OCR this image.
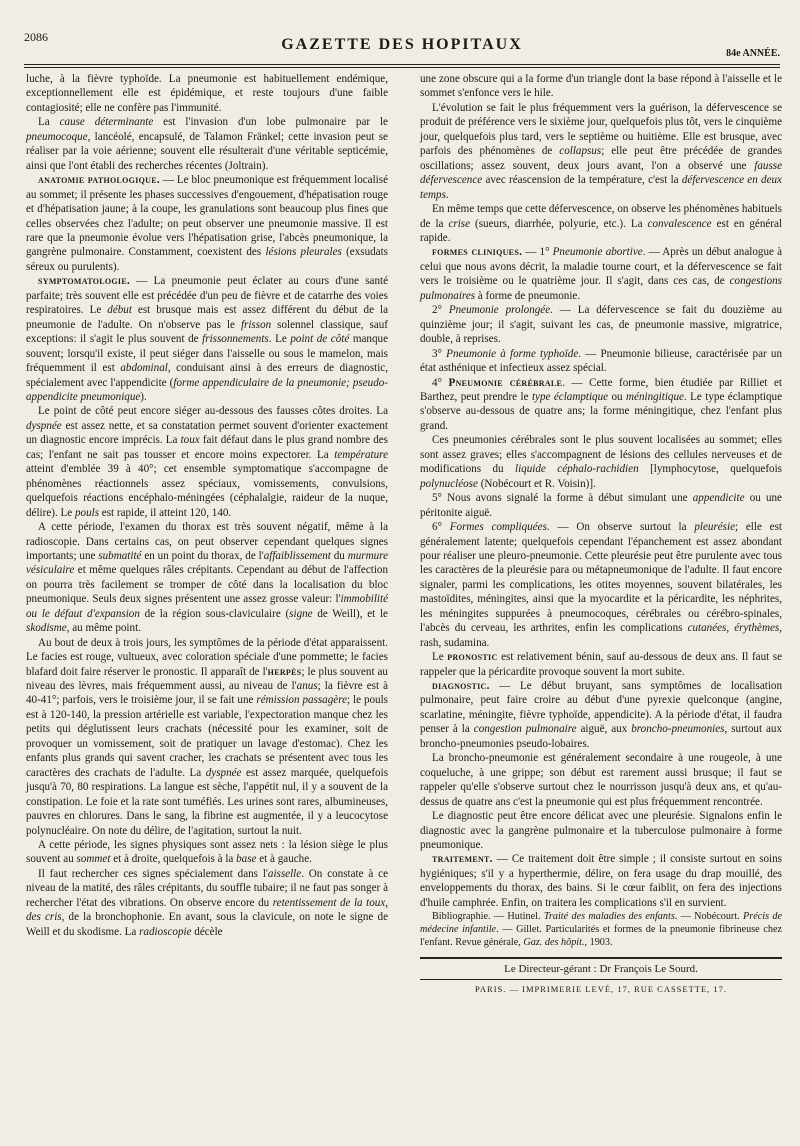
2086	GAZETTE DES HOPITAUX
84e ANNÉE.

luche, à la fièvre typhoïde. La pneumonie est habituellement endémique, exceptionnellement elle est épidémique, et reste toujours d'une faible contagiosité; elle ne confère pas l'immunité.

La cause déterminante est l'invasion d'un lobe pulmonaire par le pneumocoque, lancéolé, encapsulé, de Talamon Fränkel; cette invasion peut se réaliser par la voie aérienne; souvent elle résulterait d'une véritable septicémie, ainsi que l'ont établi des recherches récentes (Joltrain).

anatomie pathologique. — Le bloc pneumonique est fréquemment localisé au sommet; il présente les phases successives d'engouement, d'hépatisation rouge et d'hépatisation jaune; à la coupe, les granulations sont beaucoup plus fines que celles observées chez l'adulte; on peut observer une pneumonie massive. Il est rare que la pneumonie évolue vers l'hépatisation grise, l'abcès pneumonique, la gangrène pulmonaire. Constamment, coexistent des lésions pleurales (exsudats séreux ou purulents).

symptomatologie. — La pneumonie peut éclater au cours d'une santé parfaite; très souvent elle est précédée d'un peu de fièvre et de catarrhe des voies respiratoires. Le début est brusque mais est assez différent du début de la pneumonie de l'adulte. On n'observe pas le frisson solennel classique, sauf exceptions: il s'agit le plus souvent de frissonnements. Le point de côté manque souvent; lorsqu'il existe, il peut siéger dans l'aisselle ou sous le mamelon, mais fréquemment il est abdominal, conduisant ainsi à des erreurs de diagnostic, spécialement avec l'appendicite (forme appendiculaire de la pneumonie; pseudo-appendicite pneumonique).

Le point de côté peut encore siéger au-dessous des fausses côtes droites. La dyspnée est assez nette, et sa constatation permet souvent d'orienter exactement un diagnostic encore imprécis. La toux fait défaut dans le plus grand nombre des cas; l'enfant ne sait pas tousser et encore moins expectorer. La température atteint d'emblée 39 à 40°; cet ensemble symptomatique s'accompagne de phénomènes réactionnels assez spéciaux, vomissements, convulsions, quelquefois réactions encéphalo-méningées (céphalalgie, raideur de la nuque, délire). Le pouls est rapide, il atteint 120, 140.

A cette période, l'examen du thorax est très souvent négatif, même à la radioscopie. Dans certains cas, on peut observer cependant quelques signes importants; une submatité en un point du thorax, de l'affaiblissement du murmure vésiculaire et même quelques râles crépitants. Cependant au début de l'affection on pourra très facilement se tromper de côté dans la localisation du bloc pneumonique. Seuls deux signes présentent une assez grosse valeur: l'immobilité ou le défaut d'expansion de la région sous-claviculaire (signe de Weill), et le skodisme, au même point.

Au bout de deux à trois jours, les symptômes de la période d'état apparaissent. Le facies est rouge, vultueux, avec coloration spéciale d'une pommette; le facies blafard doit faire réserver le pronostic. Il apparaît de l'herpès; le plus souvent au niveau des lèvres, mais fréquemment aussi, au niveau de l'anus; la fièvre est à 40-41°; parfois, vers le troisième jour, il se fait une rémission passagère; le pouls est à 120-140, la pression artérielle est variable, l'expectoration manque chez les petits qui déglutissent leurs crachats (nécessité pour les examiner, soit de provoquer un vomissement, soit de pratiquer un lavage d'estomac). Chez les enfants plus grands qui savent cracher, les crachats se présentent avec tous les caractères des crachats de l'adulte. La dyspnée est assez marquée, quelquefois jusqu'à 70, 80 respirations. La langue est sèche, l'appétit nul, il y a souvent de la constipation. Le foie et la rate sont tuméfiés. Les urines sont rares, albumineuses, pauvres en chlorures. Dans le sang, la fibrine est augmentée, il y a leucocytose polynucléaire. On note du délire, de l'agitation, surtout la nuit.

A cette période, les signes physiques sont assez nets : la lésion siège le plus souvent au sommet et à droite, quelquefois à la base et à gauche.

Il faut rechercher ces signes spécialement dans l'aisselle. On constate à ce niveau de la matité, des râles crépitants, du souffle tubaire; il ne faut pas songer à rechercher l'état des vibrations. On observe encore du retentissement de la toux, des cris, de la bronchophonie. En avant, sous la clavicule, on note le signe de Weill et du skodisme. La radioscopie décèle

une zone obscure qui a la forme d'un triangle dont la base répond à l'aisselle et le sommet s'enfonce vers le hile.

L'évolution se fait le plus fréquemment vers la guérison, la défervescence se produit de préférence vers le sixième jour, quelquefois plus tôt, vers le cinquième jour, quelquefois plus tard, vers le septième ou huitième. Elle est brusque, avec parfois des phénomènes de collapsus; elle peut être précédée de grandes oscillations; assez souvent, deux jours avant, l'on a observé une fausse défervescence avec réascension de la température, c'est la défervescence en deux temps.

En même temps que cette défervescence, on observe les phénomènes habituels de la crise (sueurs, diarrhée, polyurie, etc.). La convalescence est en général rapide.

formes cliniques. — 1° Pneumonie abortive. — Après un début analogue à celui que nous avons décrit, la maladie tourne court, et la défervescence se fait vers le troisième ou le quatrième jour. Il s'agit, dans ces cas, de congestions pulmonaires à forme de pneumonie.

2° Pneumonie prolongée. — La défervescence se fait du douzième au quinzième jour; il s'agit, suivant les cas, de pneumonie massive, migratrice, double, à reprises.

3° Pneumonie à forme typhoïde. — Pneumonie bilieuse, caractérisée par un état asthénique et infectieux assez spécial.

4° Pneumonie cérébrale. — Cette forme, bien étudiée par Rilliet et Barthez, peut prendre le type éclamptique ou méningitique. Le type éclamptique s'observe au-dessous de quatre ans; la forme méningitique, chez l'enfant plus grand.

Ces pneumonies cérébrales sont le plus souvent localisées au sommet; elles sont assez graves; elles s'accompagnent de lésions des cellules nerveuses et de modifications du liquide céphalo-rachidien [lymphocytose, quelquefois polynucléose (Nobécourt et R. Voisin)].

5° Nous avons signalé la forme à début simulant une appendicite ou une péritonite aiguë.

6° Formes compliquées. — On observe surtout la pleurésie; elle est généralement latente; quelquefois cependant l'épanchement est assez abondant pour réaliser une pleuro-pneumonie. Cette pleurésie peut être purulente avec tous les caractères de la pleurésie para ou métapneumonique de l'adulte. Il faut encore signaler, parmi les complications, les otites moyennes, souvent bilatérales, les mastoïdites, méningites, ainsi que la myocardite et la péricardite, les néphrites, les méningites suppurées à pneumocoques, cérébrales ou cérébro-spinales, l'abcès du cerveau, les arthrites, enfin les complications cutanées, érythèmes, rash, sudamina.

Le pronostic est relativement bénin, sauf au-dessous de deux ans. Il faut se rappeler que la péricardite provoque souvent la mort subite.

diagnostic. — Le début bruyant, sans symptômes de localisation pulmonaire, peut faire croire au début d'une pyrexie quelconque (angine, scarlatine, méningite, fièvre typhoïde, appendicite). A la période d'état, il faudra penser à la congestion pulmonaire aiguë, aux broncho-pneumonies, surtout aux broncho-pneumonies pseudo-lobaires.

La broncho-pneumonie est généralement secondaire à une rougeole, à une coqueluche, à une grippe; son début est rarement aussi brusque; il faut se rappeler qu'elle s'observe surtout chez le nourrisson jusqu'à deux ans, et qu'au-dessus de quatre ans c'est la pneumonie qui est plus fréquemment rencontrée.

Le diagnostic peut être encore délicat avec une pleurésie. Signalons enfin le diagnostic avec la gangrène pulmonaire et la tuberculose pulmonaire à forme pneumonique.

traitement. — Ce traitement doit être simple ; il consiste surtout en soins hygiéniques; s'il y a hyperthermie, délire, on fera usage du drap mouillé, des enveloppements du thorax, des bains. Si le cœur faiblit, on fera des injections d'huile camphrée. Enfin, on traitera les complications s'il en survient.

Bibliographie. — Hutinel. Traité des maladies des enfants. — Nobécourt. Précis de médecine infantile. — Gillet. Particularités et formes de la pneumonie fibrineuse chez l'enfant. Revue générale, Gaz. des hôpit., 1903.

Le Directeur-gérant : Dr François Le Sourd.
PARIS. — IMPRIMERIE LEVÉ, 17, RUE CASSETTE, 17.
